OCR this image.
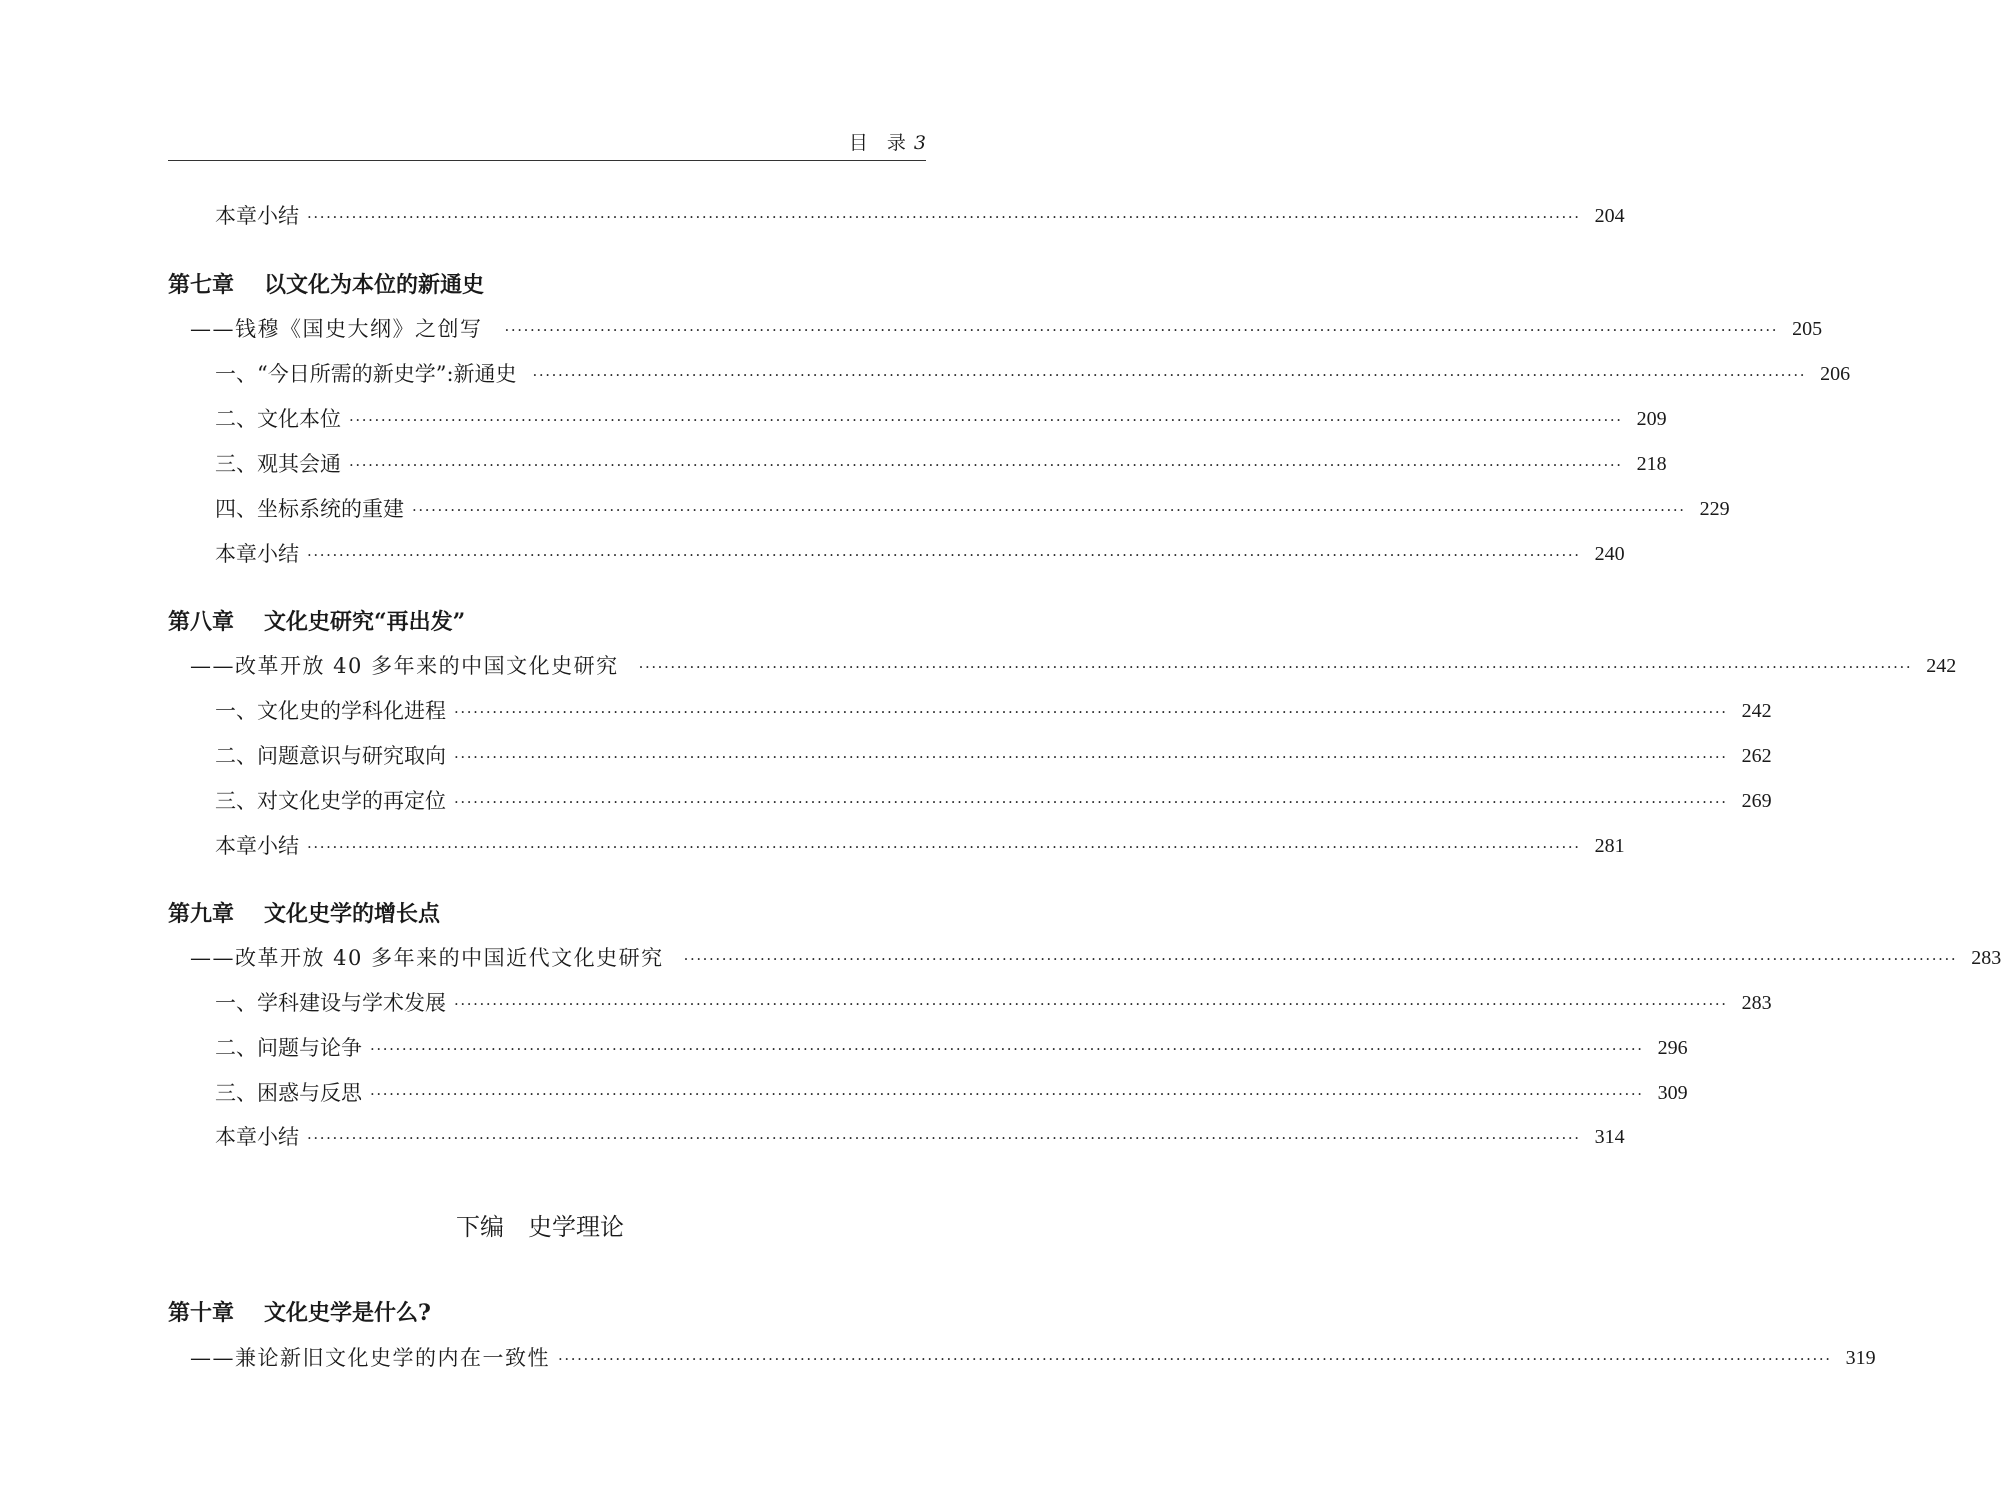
目　录 3
本章小结 ········································································································································································································ 204
第七章 以文化为本位的新通史
——钱穆《国史大纲》之创写 ········································································································································································································ 205
一、“今日所需的新史学”:新通史 ········································································································································································································ 206
二、文化本位 ········································································································································································································ 209
三、观其会通 ········································································································································································································ 218
四、坐标系统的重建 ········································································································································································································ 229
本章小结 ········································································································································································································ 240
第八章 文化史研究“再出发”
——改革开放 40 多年来的中国文化史研究 ········································································································································································································ 242
一、文化史的学科化进程 ········································································································································································································ 242
二、问题意识与研究取向 ········································································································································································································ 262
三、对文化史学的再定位 ········································································································································································································ 269
本章小结 ········································································································································································································ 281
第九章 文化史学的增长点
——改革开放 40 多年来的中国近代文化史研究 ········································································································································································································ 283
一、学科建设与学术发展 ········································································································································································································ 283
二、问题与论争 ········································································································································································································ 296
三、困惑与反思 ········································································································································································································ 309
本章小结 ········································································································································································································ 314
下编 史学理论
第十章 文化史学是什么?
——兼论新旧文化史学的内在一致性 ········································································································································································································ 319
